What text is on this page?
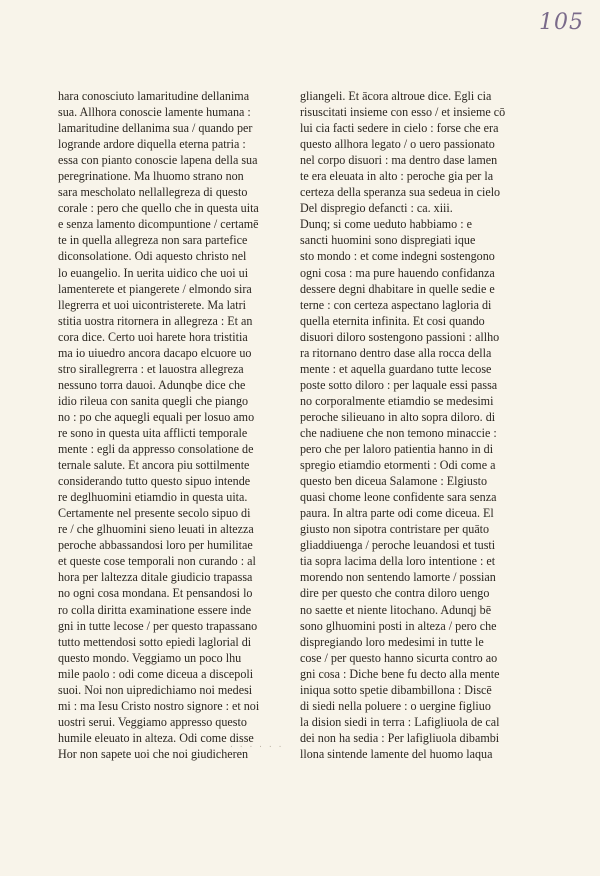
105
hara conosciuto lamaritudine dellanima
sua. Allhora conoscie lamente humana :
lamaritudine dellanima sua / quando per
logrande ardore diquella eterna patria :
essa con pianto conoscie lapena della sua
peregrinatione. Ma lhuomo strano non
sara mescholato nellallegreza di questo
corale : pero che quello che in questa uita
e senza lamento dicompuntione / certamē
te in quella allegreza non sara partefice
diconsolatione. Odi aquesto christo nel
lo euangelio. In uerita uidico che uoi ui
lamenterete et piangerete / elmondo sira
llegrerra et uoi uicontristerete. Ma latri
stitia uostra ritornera in allegreza : Et an
cora dice. Certo uoi harete hora tristitia
ma io uiuedro ancora dacapo elcuore uo
stro sirallegrerra : et lauostra allegreza
nessuno torra dauoi. Adunqbe dice che
idio rileua con sanita quegli che piango
no : po che aquegli equali per losuo amo
re sono in questa uita afflicti temporale
mente : egli da appresso consolatione de
ternale salute. Et ancora piu sottilmente
considerando tutto questo sipuo intende
re deglhuomini etiamdio in questa uita.
Certamente nel presente secolo sipuo di
re / che glhuomini sieno leuati in altezza
peroche abbassandosi loro per humilitae
et queste cose temporali non curando : al
hora per laltezza ditale giudicio trapassa
no ogni cosa mondana. Et pensandosi lo
ro colla diritta examinatione essere inde
gni in tutte lecose / per questo trapassano
tutto mettendosi sotto epiedi laglorial di
questo mondo. Veggiamo un poco lhu
mile paolo : odi come diceua a discepoli
suoi. Noi non uipredichiamo noi medesi
mi : ma Iesu Cristo nostro signore : et noi
uostri serui. Veggiamo appresso questo
humile eleuato in alteza. Odi come disse
Hor non sapete uoi che noi giudicheren
gliangeli. Et ācora altroue dice. Egli cia
risuscitati insieme con esso / et insieme cō
lui cia facti sedere in cielo : forse che era
questo allhora legato / o uero passionato
nel corpo disuori : ma dentro dase lamen
te era eleuata in alto : peroche gia per la
certeza della speranza sua sedeua in cielo
Del dispregio defancti : ca. xiii.
Dunq; si come ueduto habbiamo : e
sancti huomini sono dispregiati ique
sto mondo : et come indegni sostengono
ogni cosa : ma pure hauendo confidanza
dessere degni dhabitare in quelle sedie e
terne : con certeza aspectano lagloria di
quella eternita infinita. Et cosi quando
disuori diloro sostengono passioni : allho
ra ritornano dentro dase alla rocca della
mente : et aquella guardano tutte lecose
poste sotto diloro : per laquale essi passa
no corporalmente etiamdio se medesimi
peroche silieuano in alto sopra diloro. di
che nadiuene che non temono minaccie :
pero che per laloro patientia hanno in di
spregio etiamdio etormenti : Odi come a
questo ben diceua Salamone : Elgiusto
quasi chome leone confidente sara senza
paura. In altra parte odi come diceua. El
giusto non sipotra contristare per quāto
gliaddiuenga / peroche leuandosi et tusti
tia sopra lacima della loro intentione : et
morendo non sentendo lamorte / possian
dire per questo che contra diloro uengo
no saette et niente litochano. Adunqj bē
sono glhuomini posti in alteza / pero che
dispregiando loro medesimi in tutte le
cose / per questo hanno sicurta contro ao
gni cosa : Diche bene fu decto alla mente
iniqua sotto spetie dibambillona : Discē
di siedi nella poluere : o uergine figliuo
la dision siedi in terra : Lafigliuola de cal
dei non ha sedia : Per lafigliuola dibambi
llona sintende lamente del huomo laqua
. . . . . .
